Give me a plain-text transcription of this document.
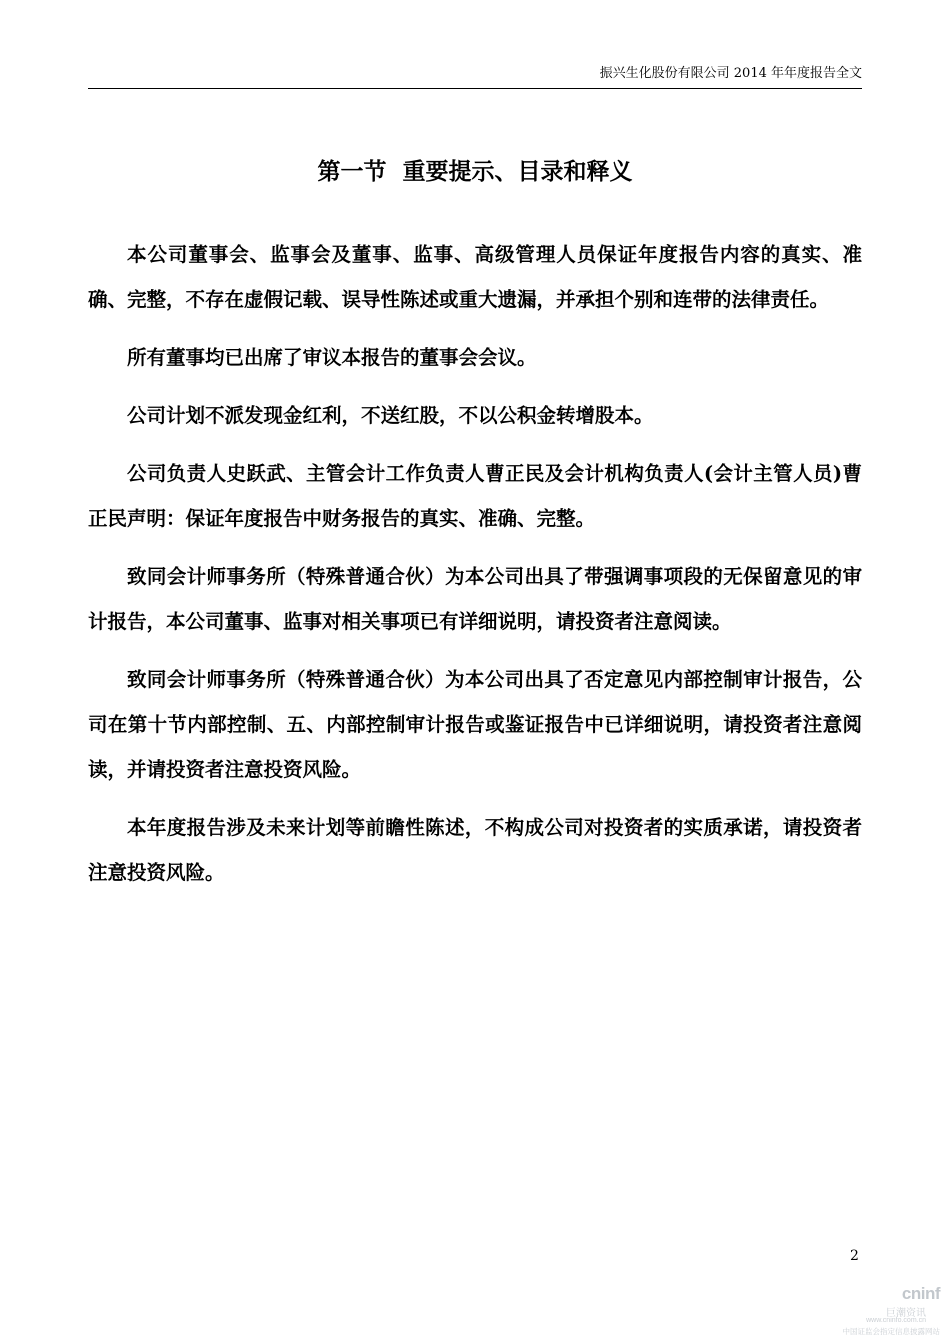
振兴生化股份有限公司 2014 年年度报告全文
第一节  重要提示、目录和释义

本公司董事会、监事会及董事、监事、高级管理人员保证年度报告内容的真实、准确、完整，不存在虚假记载、误导性陈述或重大遗漏，并承担个别和连带的法律责任。

所有董事均已出席了审议本报告的董事会会议。

公司计划不派发现金红利，不送红股，不以公积金转增股本。

公司负责人史跃武、主管会计工作负责人曹正民及会计机构负责人(会计主管人员)曹正民声明：保证年度报告中财务报告的真实、准确、完整。

致同会计师事务所（特殊普通合伙）为本公司出具了带强调事项段的无保留意见的审计报告，本公司董事、监事对相关事项已有详细说明，请投资者注意阅读。

致同会计师事务所（特殊普通合伙）为本公司出具了否定意见内部控制审计报告，公司在第十节内部控制、五、内部控制审计报告或鉴证报告中已详细说明，请投资者注意阅读，并请投资者注意投资风险。

本年度报告涉及未来计划等前瞻性陈述，不构成公司对投资者的实质承诺，请投资者注意投资风险。

2
cninf
巨潮资讯
www.cninfo.com.cn
中国证监会指定信息披露网站
